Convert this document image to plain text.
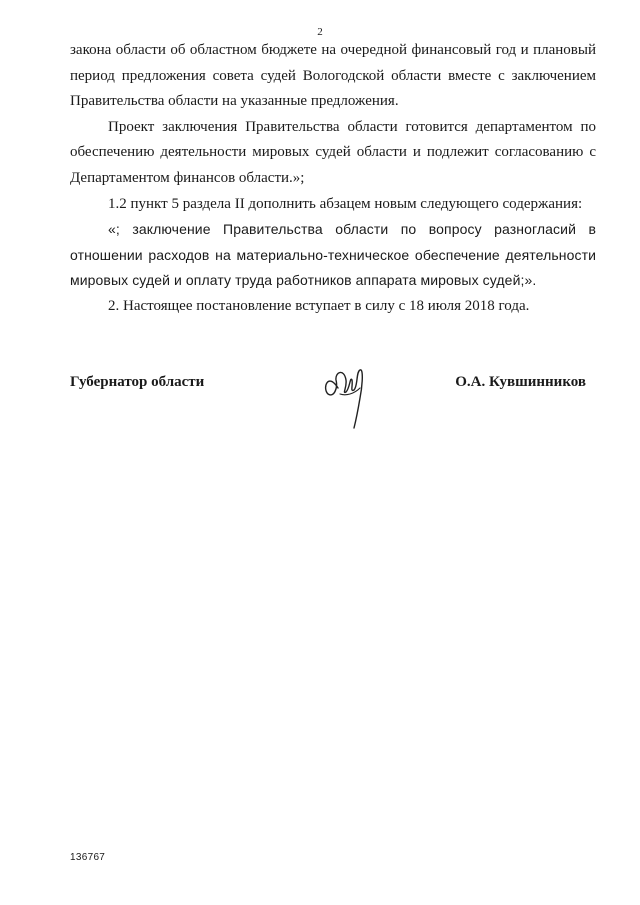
2

закона области об областном бюджете на очередной финансовый год и плановый период предложения совета судей Вологодской области вместе с заключением Правительства области на указанные предложения.

Проект заключения Правительства области готовится департаментом по обеспечению деятельности мировых судей области и подлежит согласованию с Департаментом финансов области.»;

1.2 пункт 5 раздела II дополнить абзацем новым следующего содержания:

«; заключение Правительства области по вопросу разногласий в отношении расходов на материально-техническое обеспечение деятельности мировых судей и оплату труда работников аппарата мировых судей;».

2. Настоящее постановление вступает в силу с 18 июля 2018 года.

Губернатор области	О.А. Кувшинников
136767
